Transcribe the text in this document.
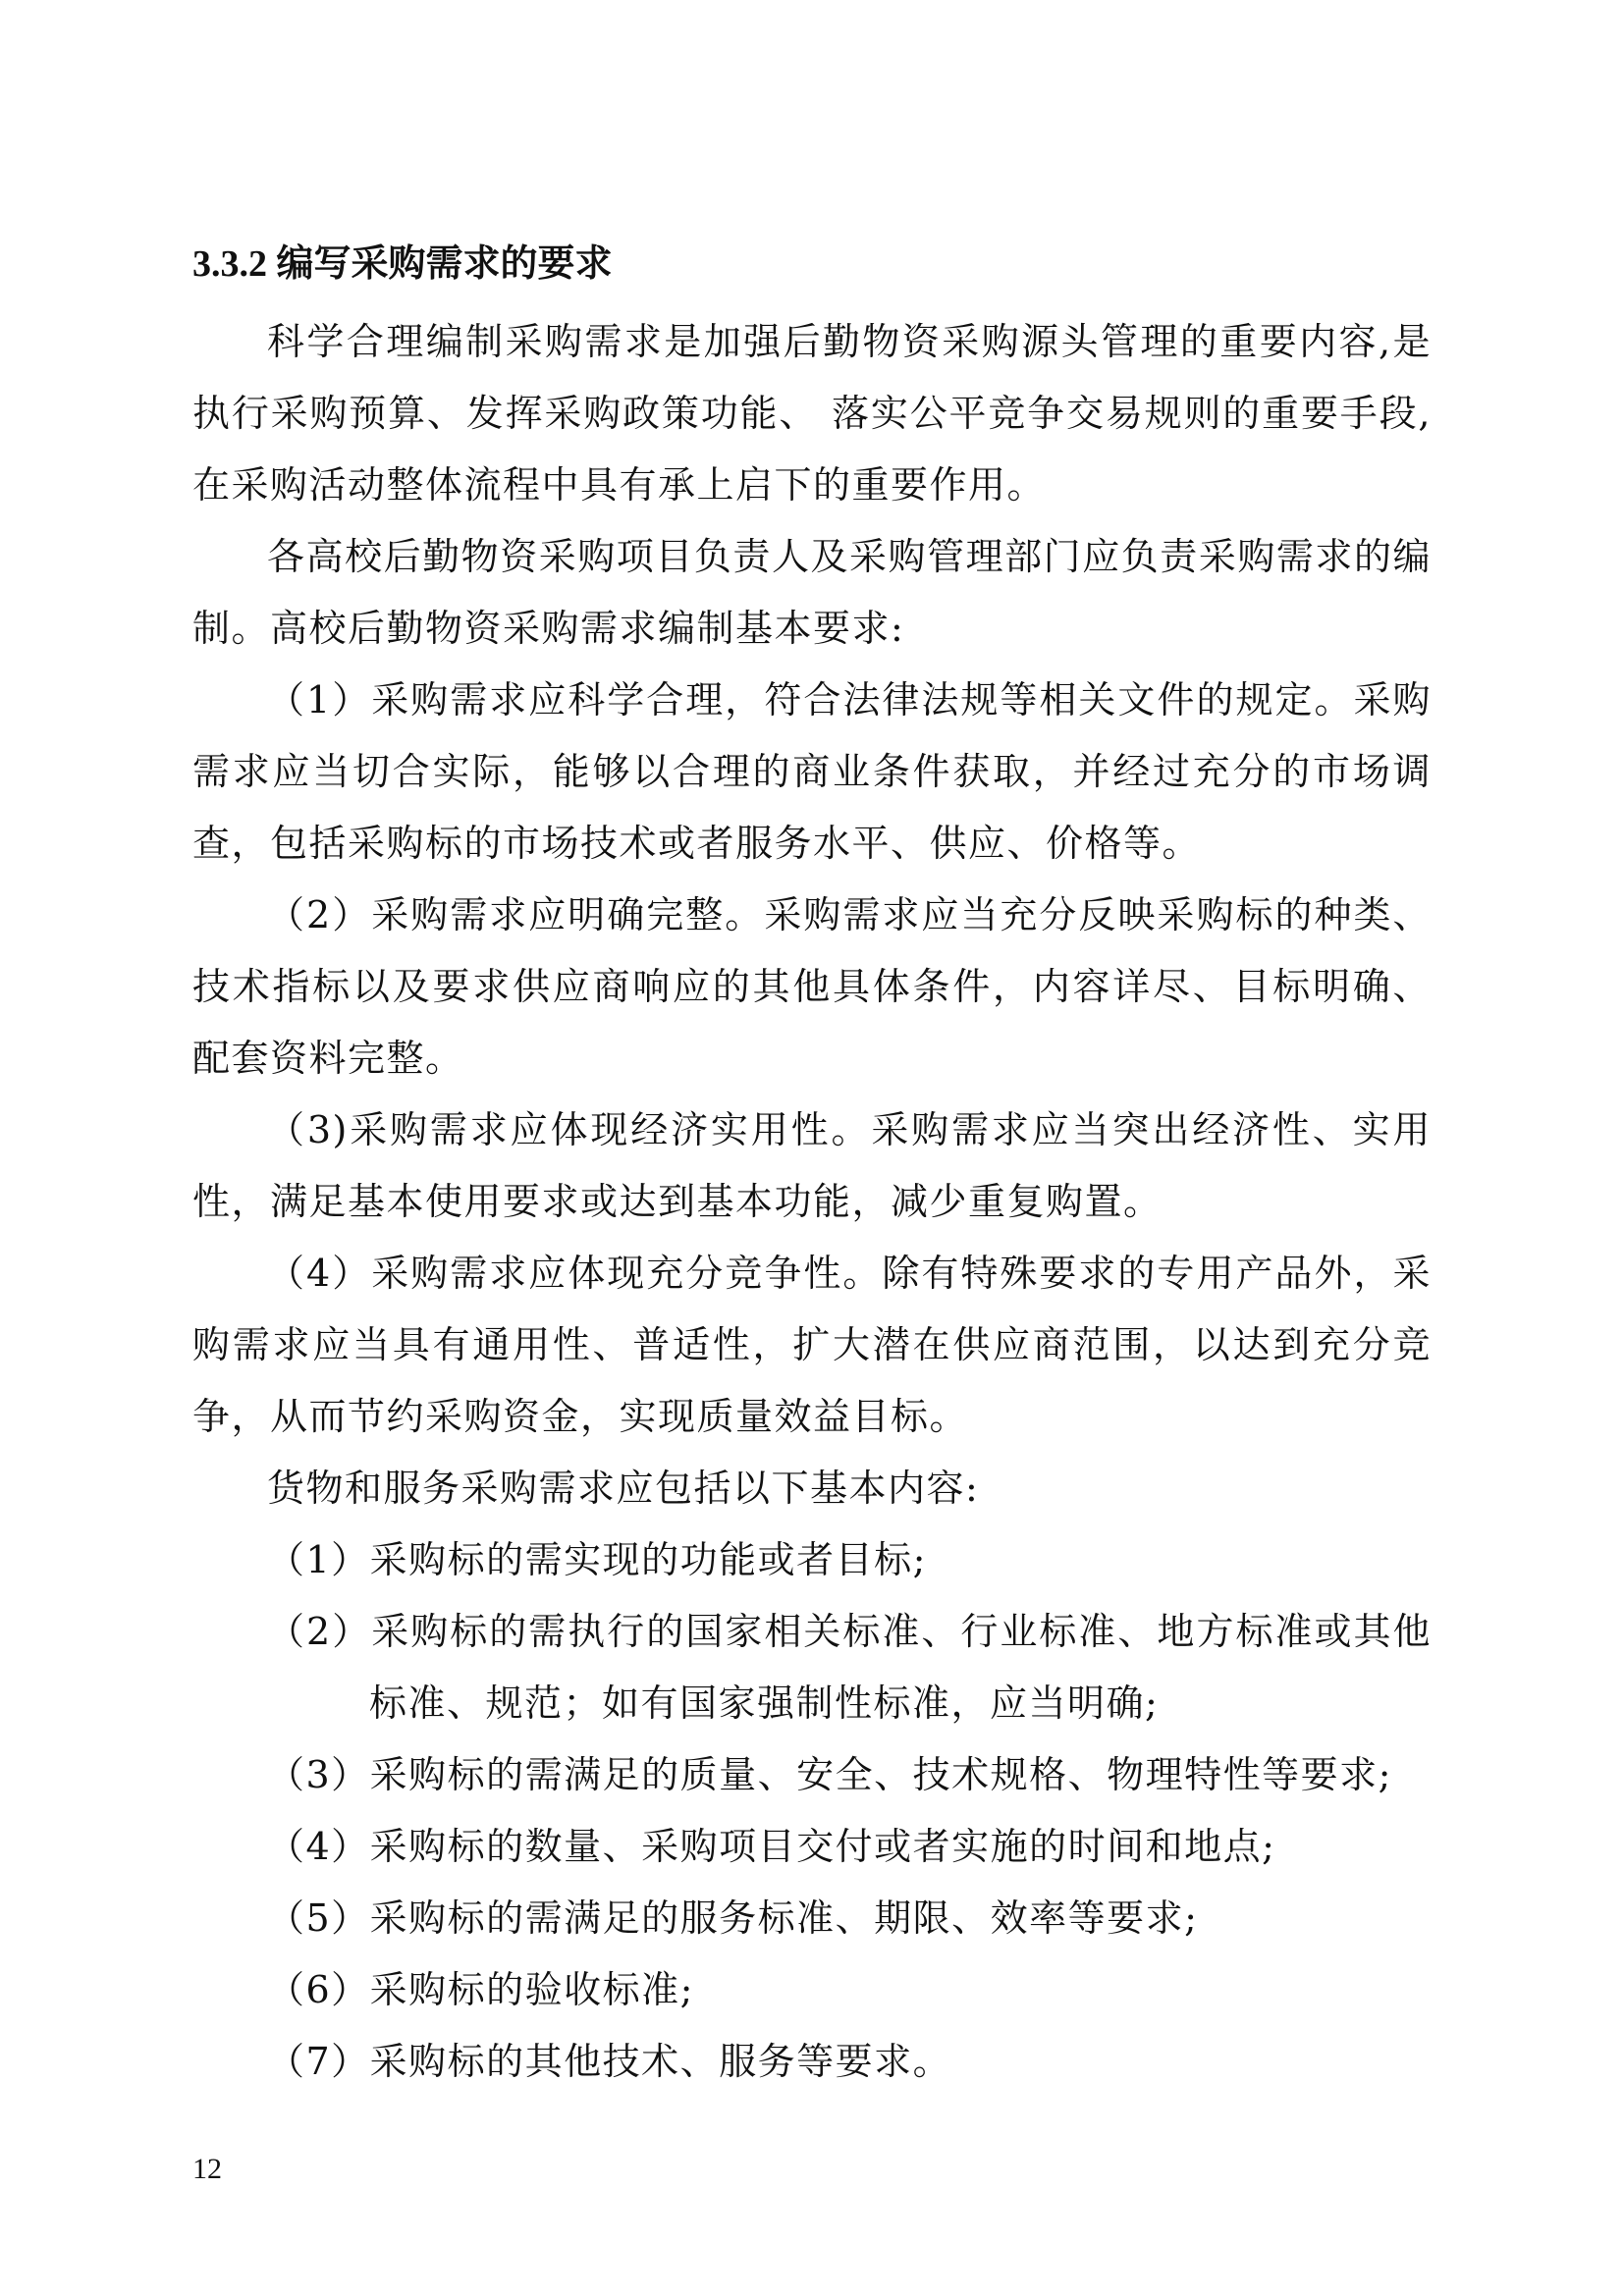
3.3.2 编写采购需求的要求

科学合理编制采购需求是加强后勤物资采购源头管理的重要内容,是执行采购预算、发挥采购政策功能、 落实公平竞争交易规则的重要手段,在采购活动整体流程中具有承上启下的重要作用。

各高校后勤物资采购项目负责人及采购管理部门应负责采购需求的编制。高校后勤物资采购需求编制基本要求:

（1）采购需求应科学合理，符合法律法规等相关文件的规定。采购需求应当切合实际，能够以合理的商业条件获取，并经过充分的市场调查，包括采购标的市场技术或者服务水平、供应、价格等。

（2）采购需求应明确完整。采购需求应当充分反映采购标的种类、技术指标以及要求供应商响应的其他具体条件，内容详尽、目标明确、配套资料完整。

（3)采购需求应体现经济实用性。采购需求应当突出经济性、实用性，满足基本使用要求或达到基本功能，减少重复购置。

（4）采购需求应体现充分竞争性。除有特殊要求的专用产品外，采购需求应当具有通用性、普适性，扩大潜在供应商范围，以达到充分竞争，从而节约采购资金，实现质量效益目标。

货物和服务采购需求应包括以下基本内容:

（1）采购标的需实现的功能或者目标;
（2）采购标的需执行的国家相关标准、行业标准、地方标准或其他标准、规范；如有国家强制性标准，应当明确;
（3）采购标的需满足的质量、安全、技术规格、物理特性等要求;
（4）采购标的数量、采购项目交付或者实施的时间和地点;
（5）采购标的需满足的服务标准、期限、效率等要求;
（6）采购标的验收标准;
（7）采购标的其他技术、服务等要求。
12
